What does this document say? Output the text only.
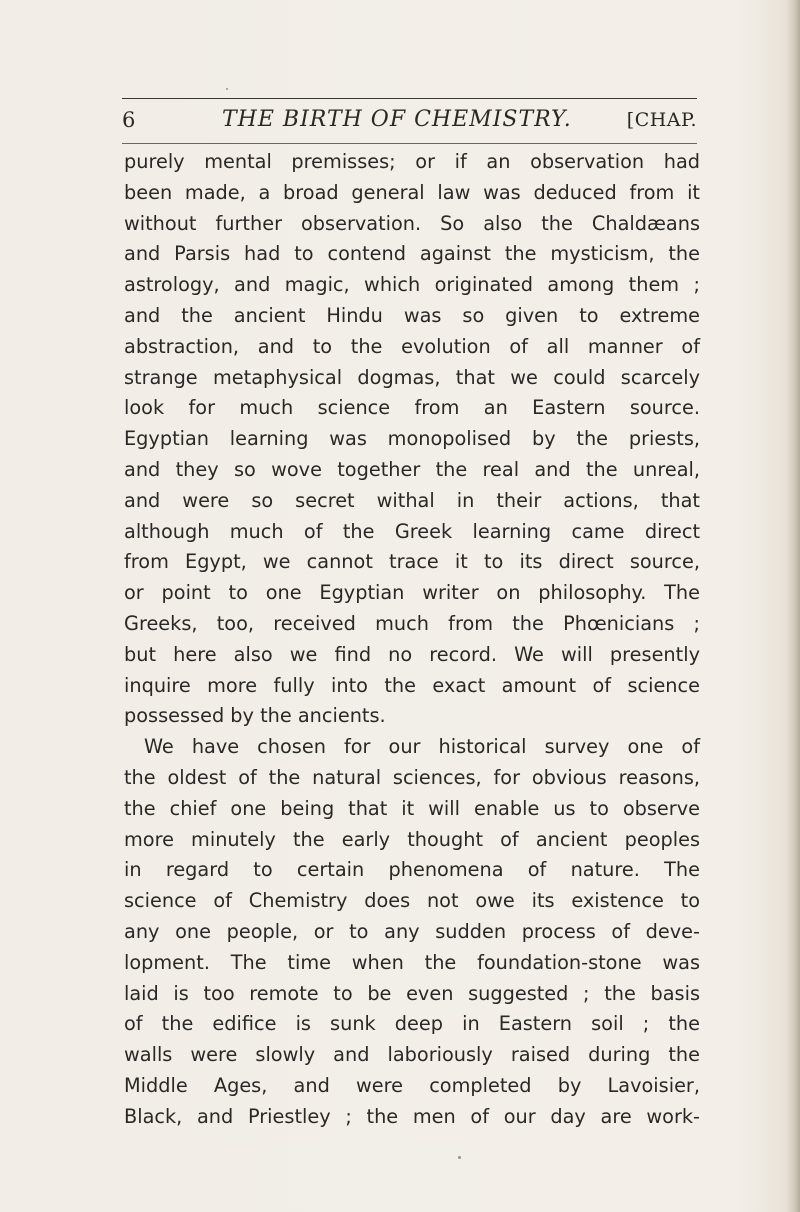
6	THE BIRTH OF CHEMISTRY.	[CHAP.
purely mental premisses; or if an observation had
been made, a broad general law was deduced from it
without further observation. So also the Chaldæans
and Parsis had to contend against the mysticism, the
astrology, and magic, which originated among them ;
and the ancient Hindu was so given to extreme
abstraction, and to the evolution of all manner of
strange metaphysical dogmas, that we could scarcely
look for much science from an Eastern source.
Egyptian learning was monopolised by the priests,
and they so wove together the real and the unreal,
and were so secret withal in their actions, that
although much of the Greek learning came direct
from Egypt, we cannot trace it to its direct source,
or point to one Egyptian writer on philosophy. The
Greeks, too, received much from the Phœnicians ;
but here also we find no record. We will presently
inquire more fully into the exact amount of science
possessed by the ancients.
We have chosen for our historical survey one of
the oldest of the natural sciences, for obvious reasons,
the chief one being that it will enable us to observe
more minutely the early thought of ancient peoples
in regard to certain phenomena of nature. The
science of Chemistry does not owe its existence to
any one people, or to any sudden process of deve-
lopment. The time when the foundation-stone was
laid is too remote to be even suggested ; the basis
of the edifice is sunk deep in Eastern soil ; the
walls were slowly and laboriously raised during the
Middle Ages, and were completed by Lavoisier,
Black, and Priestley ; the men of our day are work-
